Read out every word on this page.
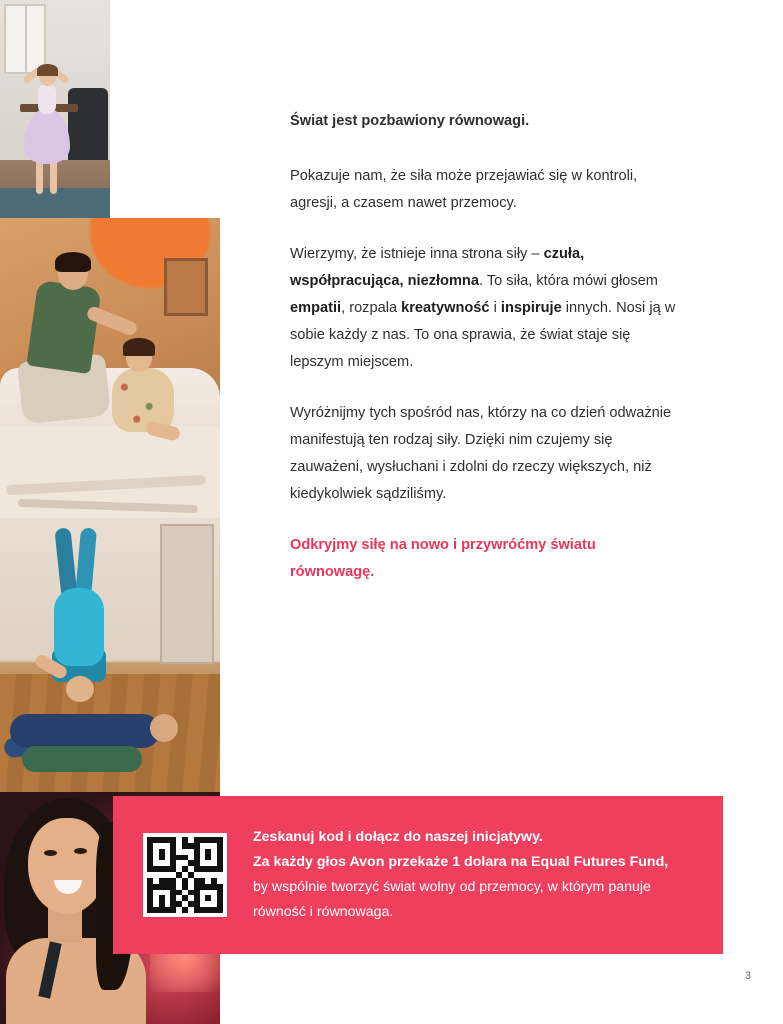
Świat jest pozbawiony równowagi.

Pokazuje nam, że siła może przejawiać się w kontroli, agresji, a czasem nawet przemocy.

Wierzymy, że istnieje inna strona siły – czuła, współpracująca, niezłomna. To siła, która mówi głosem empatii, rozpala kreatywność i inspiruje innych. Nosi ją w sobie każdy z nas. To ona sprawia, że świat staje się lepszym miejscem.

Wyróżnijmy tych spośród nas, którzy na co dzień odważnie manifestują ten rodzaj siły. Dzięki nim czujemy się zauważeni, wysłuchani i zdolni do rzeczy większych, niż kiedykolwiek sądziliśmy.

Odkryjmy siłę na nowo i przywróćmy światu równowagę.

Zeskanuj kod i dołącz do naszej inicjatywy.
Za każdy głos Avon przekaże 1 dolara na Equal Futures Fund, by wspólnie tworzyć świat wolny od przemocy, w którym panuje równość i równowaga.
3
